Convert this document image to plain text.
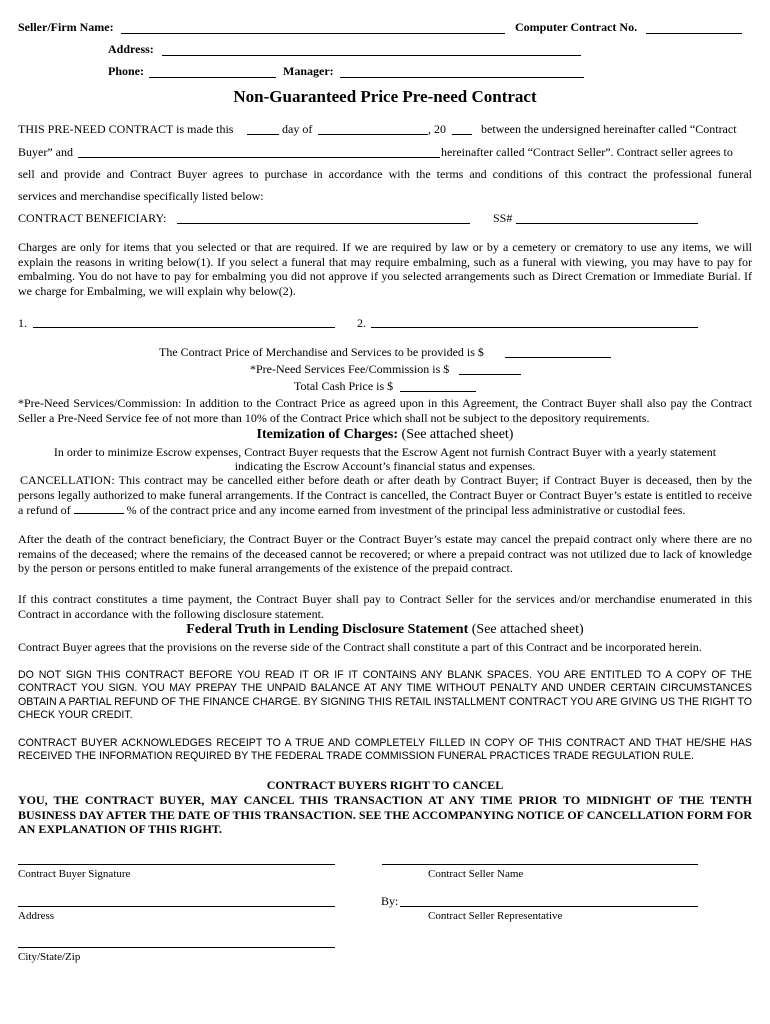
Seller/Firm Name:	Computer Contract No.
Address:
Phone:	Manager:
Non-Guaranteed Price Pre-need Contract
THIS PRE-NEED CONTRACT is made this	day of	, 20	between the undersigned hereinafter called “Contract
Buyer” and	hereinafter called “Contract Seller”. Contract seller agrees to
sell and provide and Contract Buyer agrees to purchase in accordance with the terms and conditions of this contract the professional funeral
services and merchandise specifically listed below:
CONTRACT BENEFICIARY:	SS#
Charges are only for items that you selected or that are required. If we are required by law or by a cemetery or crematory to use any items, we will explain the reasons in writing below(1). If you select a funeral that may require embalming, such as a funeral with viewing, you may have to pay for embalming. You do not have to pay for embalming you did not approve if you selected arrangements such as Direct Cremation or Immediate Burial. If we charge for Embalming, we will explain why below(2).
1.	2.
The Contract Price of Merchandise and Services to be provided is $
*Pre-Need Services Fee/Commission is $
Total Cash Price is $
*Pre-Need Services/Commission: In addition to the Contract Price as agreed upon in this Agreement, the Contract Buyer shall also pay the Contract Seller a Pre-Need Service fee of not more than 10% of the Contract Price which shall not be subject to the depository requirements.
Itemization of Charges: (See attached sheet)
In order to minimize Escrow expenses, Contract Buyer requests that the Escrow Agent not furnish Contract Buyer with a yearly statement
indicating the Escrow Account’s financial status and expenses.
CANCELLATION: This contract may be cancelled either before death or after death by Contract Buyer; if Contract Buyer is deceased, then by the persons legally authorized to make funeral arrangements. If the Contract is cancelled, the Contract Buyer or Contract Buyer’s estate is entitled to receive a refund of	% of the contract price and any income earned from investment of the principal less administrative or custodial fees.
After the death of the contract beneficiary, the Contract Buyer or the Contract Buyer’s estate may cancel the prepaid contract only where there are no remains of the deceased; where the remains of the deceased cannot be recovered; or where a prepaid contract was not utilized due to lack of knowledge by the person or persons entitled to make funeral arrangements of the existence of the prepaid contract.
If this contract constitutes a time payment, the Contract Buyer shall pay to Contract Seller for the services and/or merchandise enumerated in this Contract in accordance with the following disclosure statement.
Federal Truth in Lending Disclosure Statement (See attached sheet)
Contract Buyer agrees that the provisions on the reverse side of the Contract shall constitute a part of this Contract and be incorporated herein.
DO NOT SIGN THIS CONTRACT BEFORE YOU READ IT OR IF IT CONTAINS ANY BLANK SPACES. YOU ARE ENTITLED TO A COPY OF THE CONTRACT YOU SIGN. YOU MAY PREPAY THE UNPAID BALANCE AT ANY TIME WITHOUT PENALTY AND UNDER CERTAIN CIRCUMSTANCES OBTAIN A PARTIAL REFUND OF THE FINANCE CHARGE. BY SIGNING THIS RETAIL INSTALLMENT CONTRACT YOU ARE GIVING US THE RIGHT TO CHECK YOUR CREDIT.
CONTRACT BUYER ACKNOWLEDGES RECEIPT TO A TRUE AND COMPLETELY FILLED IN COPY OF THIS CONTRACT AND THAT HE/SHE HAS RECEIVED THE INFORMATION REQUIRED BY THE FEDERAL TRADE COMMISSION FUNERAL PRACTICES TRADE REGULATION RULE.
CONTRACT BUYERS RIGHT TO CANCEL
YOU, THE CONTRACT BUYER, MAY CANCEL THIS TRANSACTION AT ANY TIME PRIOR TO MIDNIGHT OF THE TENTH BUSINESS DAY AFTER THE DATE OF THIS TRANSACTION. SEE THE ACCOMPANYING NOTICE OF CANCELLATION FORM FOR AN EXPLANATION OF THIS RIGHT.
Contract Buyer Signature	Contract Seller Name
Address
By:
Contract Seller Representative
City/State/Zip
